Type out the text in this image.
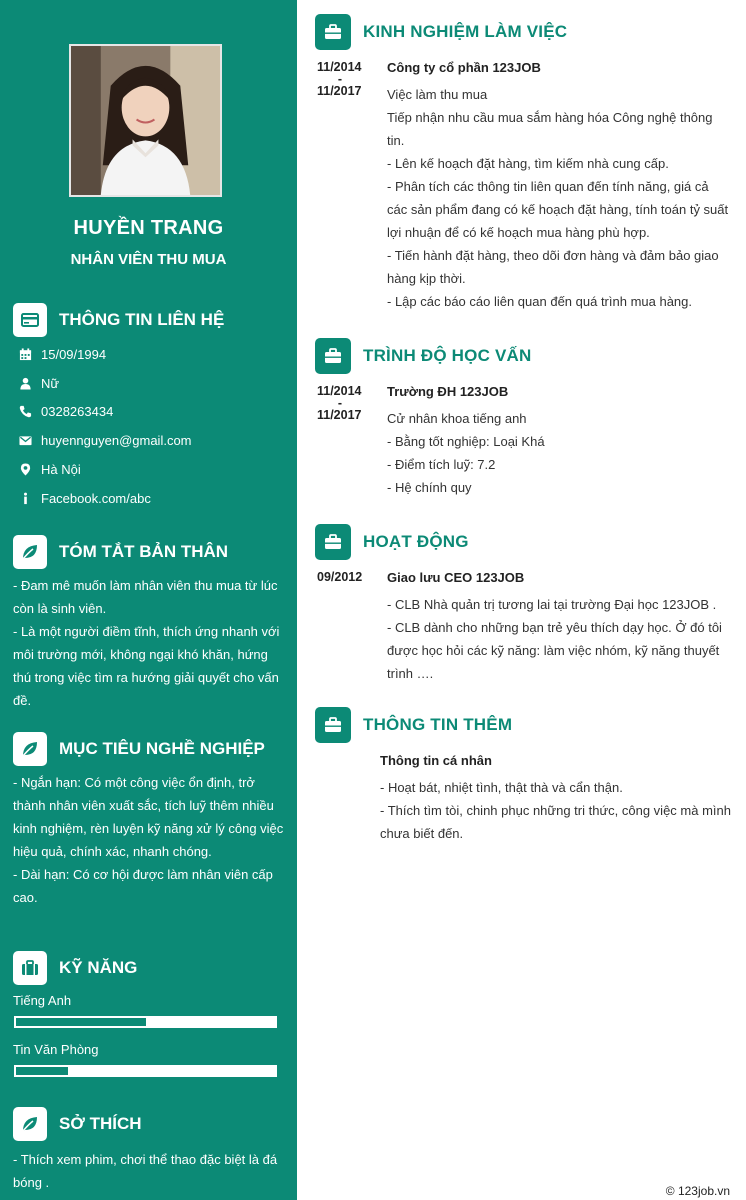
HUYỀN TRANG
NHÂN VIÊN THU MUA
THÔNG TIN LIÊN HỆ
15/09/1994
Nữ
0328263434
huyennguyen@gmail.com
Hà Nội
Facebook.com/abc
TÓM TẮT BẢN THÂN
- Đam mê muốn làm nhân viên thu mua từ lúc còn là sinh viên.
- Là một người điềm tĩnh, thích ứng nhanh với môi trường mới, không ngại khó khăn, hứng thú trong việc tìm ra hướng giải quyết cho vấn đề.
MỤC TIÊU NGHỀ NGHIỆP
- Ngắn hạn: Có một công việc ổn định, trở thành nhân viên xuất sắc, tích luỹ thêm nhiều kinh nghiệm, rèn luyện kỹ năng xử lý công việc hiệu quả, chính xác, nhanh chóng.
- Dài hạn: Có cơ hội được làm nhân viên cấp cao.
KỸ NĂNG
Tiếng Anh
Tin Văn Phòng
SỞ THÍCH
- Thích xem phim, chơi thể thao đặc biệt là đá bóng .
KINH NGHIỆM LÀM VIỆC
11/2014
-
11/2017
Công ty cổ phần 123JOB
Việc làm thu mua
Tiếp nhận nhu cầu mua sắm hàng hóa Công nghệ thông tin.
- Lên kế hoạch đặt hàng, tìm kiếm nhà cung cấp.
- Phân tích các thông tin liên quan đến tính năng, giá cả các sản phẩm đang có kế hoạch đặt hàng, tính toán tỷ suất lợi nhuận để có kế hoạch mua hàng phù hợp.
- Tiến hành đặt hàng, theo dõi đơn hàng và đảm bảo giao hàng kịp thời.
- Lập các báo cáo liên quan đến quá trình mua hàng.
TRÌNH ĐỘ HỌC VẤN
11/2014
-
11/2017
Trường ĐH 123JOB
Cử nhân khoa tiếng anh
- Bằng tốt nghiệp: Loại Khá
- Điểm tích luỹ: 7.2
- Hệ chính quy
HOẠT ĐỘNG
09/2012	Giao lưu CEO 123JOB
- CLB Nhà quản trị tương lai tại trường Đại học 123JOB .
- CLB dành cho những bạn trẻ yêu thích dạy học. Ở đó tôi được học hỏi các kỹ năng: làm việc nhóm, kỹ năng thuyết trình ….
THÔNG TIN THÊM
Thông tin cá nhân
- Hoạt bát, nhiệt tình, thật thà và cẩn thận.
- Thích tìm tòi, chinh phục những tri thức, công việc mà mình chưa biết đến.
© 123job.vn
